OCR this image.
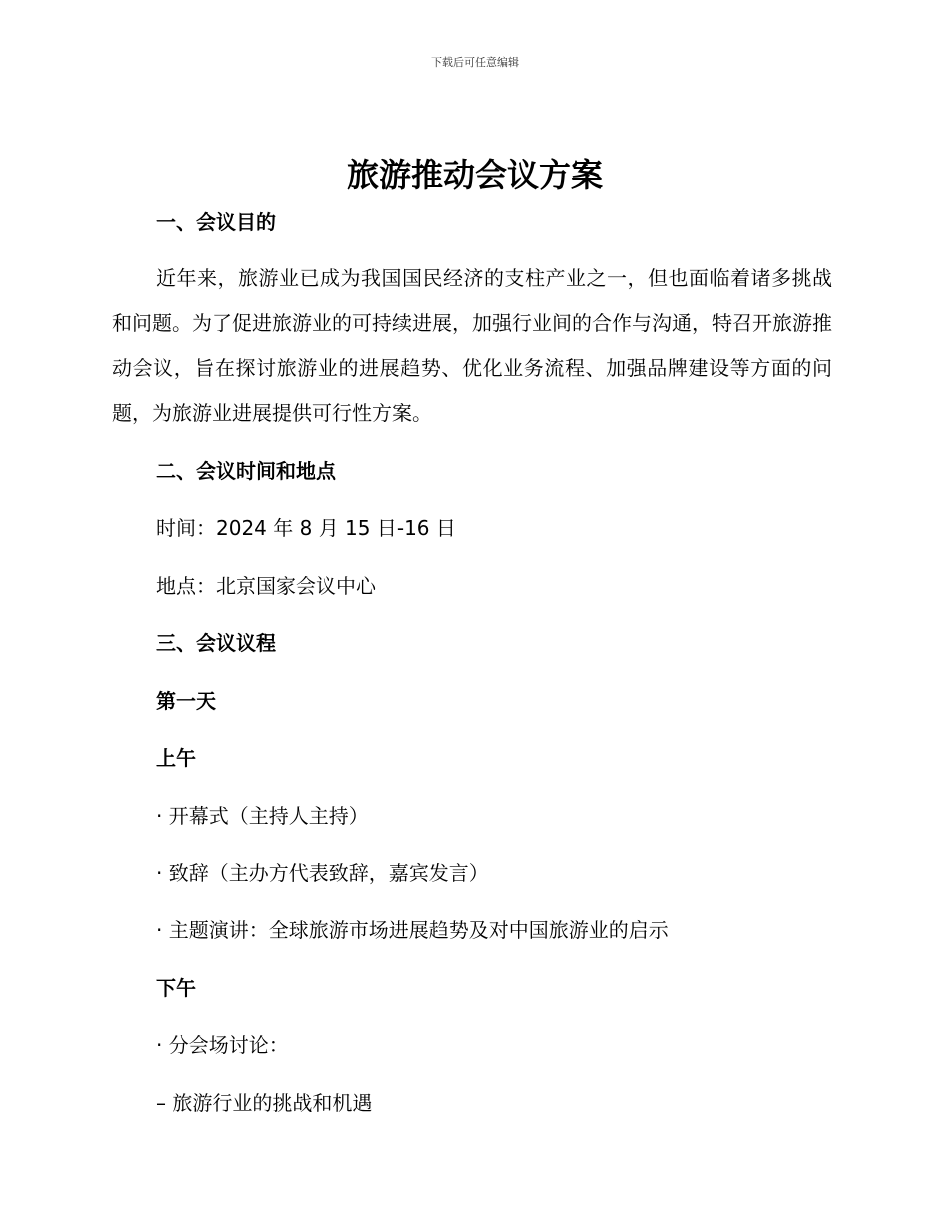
下载后可任意编辑
旅游推动会议方案
一、会议目的

近年来，旅游业已成为我国国民经济的支柱产业之一，但也面临着诸多挑战和问题。为了促进旅游业的可持续进展，加强行业间的合作与沟通，特召开旅游推动会议，旨在探讨旅游业的进展趋势、优化业务流程、加强品牌建设等方面的问题，为旅游业进展提供可行性方案。

二、会议时间和地点
时间：2024 年 8 月 15 日-16 日
地点：北京国家会议中心
三、会议议程
第一天
上午
· 开幕式（主持人主持）
· 致辞（主办方代表致辞，嘉宾发言）
· 主题演讲：全球旅游市场进展趋势及对中国旅游业的启示
下午
· 分会场讨论：
– 旅游行业的挑战和机遇
